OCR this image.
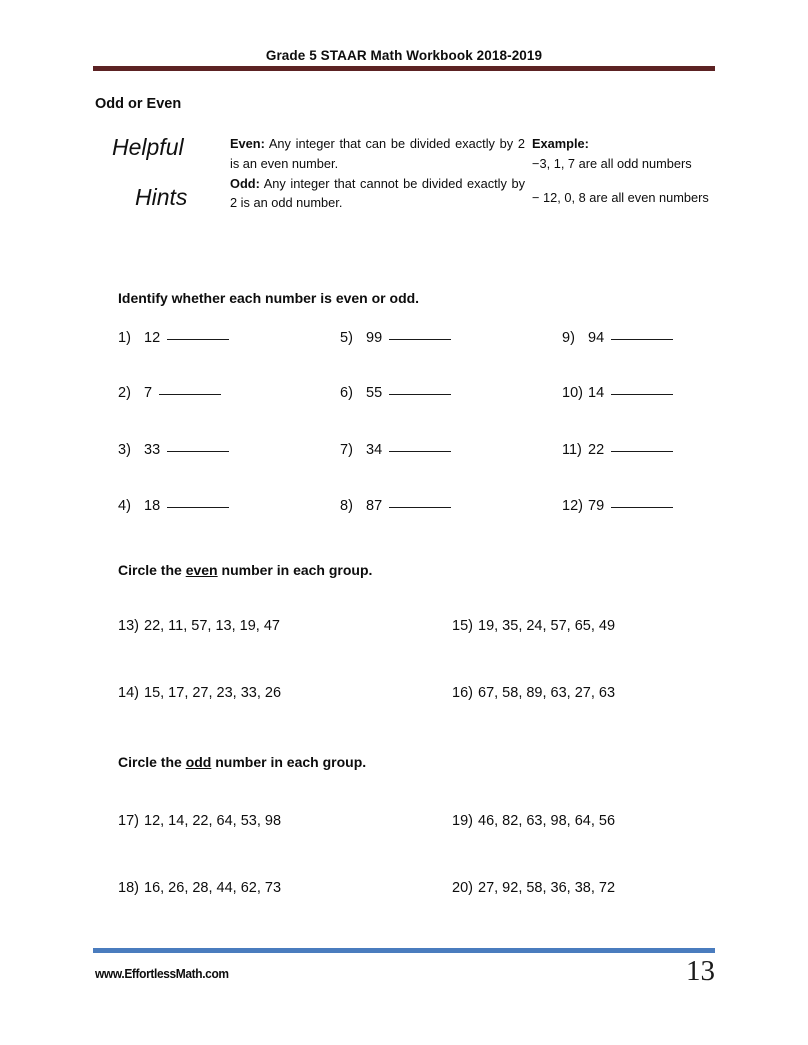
Grade 5 STAAR Math Workbook 2018-2019
Odd or Even
Helpful
Hints
Even: Any integer that can be divided exactly by 2 is an even number.
Odd: Any integer that cannot be divided exactly by 2 is an odd number.
Example:
−3, 1, 7 are all odd numbers
− 12, 0, 8 are all even numbers
Identify whether each number is even or odd.
1) 12
2) 7
3) 33
4) 18
5) 99
6) 55
7) 34
8) 87
9) 94
10) 14
11) 22
12) 79
Circle the even number in each group.
13) 22, 11, 57, 13, 19, 47
14) 15, 17, 27, 23, 33, 26
15) 19, 35, 24, 57, 65, 49
16) 67, 58, 89, 63, 27, 63
Circle the odd number in each group.
17) 12, 14, 22, 64, 53, 98
18) 16, 26, 28, 44, 62, 73
19) 46, 82, 63, 98, 64, 56
20) 27, 92, 58, 36, 38, 72
www.EffortlessMath.com	13
